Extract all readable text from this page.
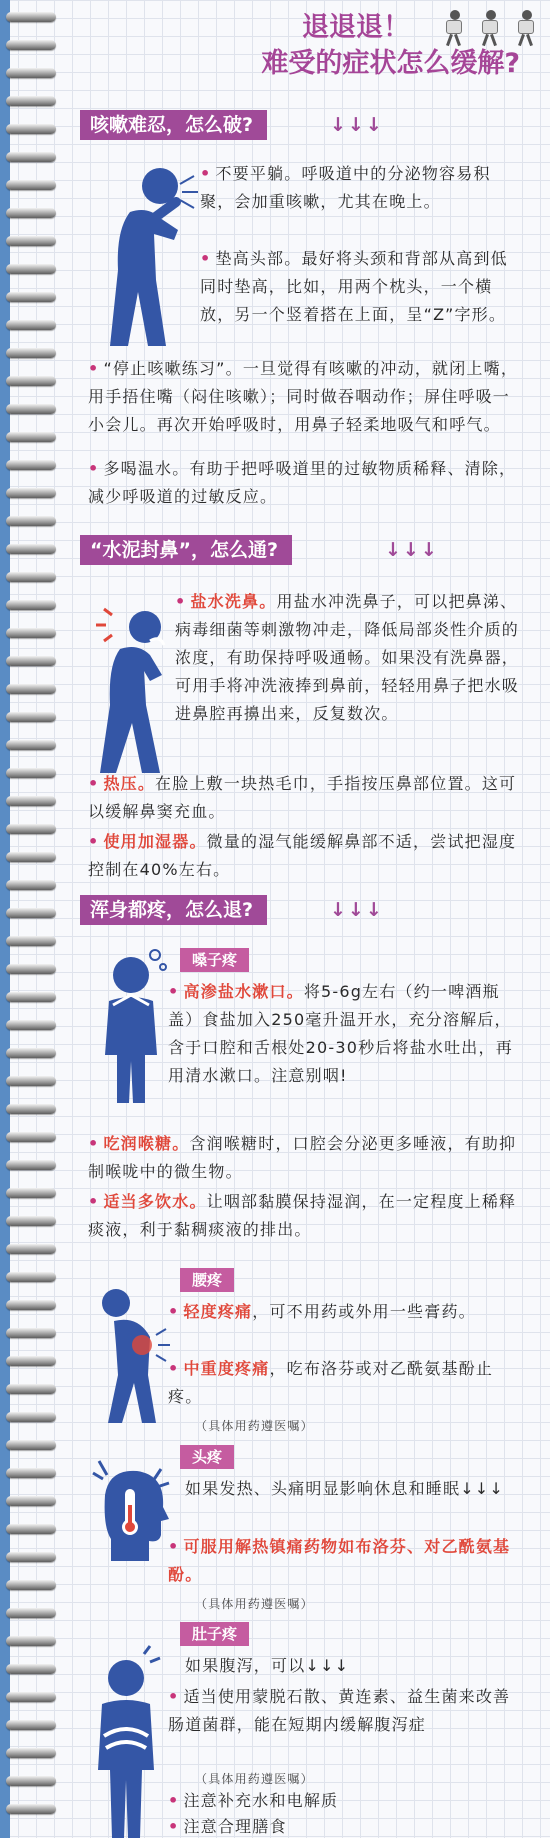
退退退！
难受的症状怎么缓解?
咳嗽难忍，怎么破?	↓↓↓
• 不要平躺。呼吸道中的分泌物容易积聚，会加重咳嗽，尤其在晚上。
• 垫高头部。最好将头颈和背部从高到低同时垫高，比如，用两个枕头，一个横放，另一个竖着搭在上面，呈“Z”字形。
• “停止咳嗽练习”。一旦觉得有咳嗽的冲动，就闭上嘴，用手捂住嘴（闷住咳嗽）；同时做吞咽动作；屏住呼吸一小会儿。再次开始呼吸时，用鼻子轻柔地吸气和呼气。
• 多喝温水。有助于把呼吸道里的过敏物质稀释、清除，减少呼吸道的过敏反应。
“水泥封鼻”，怎么通?	↓↓↓
• 盐水洗鼻。用盐水冲洗鼻子，可以把鼻涕、病毒细菌等刺激物冲走，降低局部炎性介质的浓度，有助保持呼吸通畅。如果没有洗鼻器，可用手将冲洗液捧到鼻前，轻轻用鼻子把水吸进鼻腔再擤出来，反复数次。
• 热压。在脸上敷一块热毛巾，手指按压鼻部位置。这可以缓解鼻窦充血。
• 使用加湿器。微量的湿气能缓解鼻部不适，尝试把湿度控制在40%左右。
浑身都疼，怎么退?	↓↓↓
嗓子疼
• 高渗盐水漱口。将5-6g左右（约一啤酒瓶盖）食盐加入250毫升温开水，充分溶解后，含于口腔和舌根处20-30秒后将盐水吐出，再用清水漱口。注意别咽!
• 吃润喉糖。含润喉糖时，口腔会分泌更多唾液，有助抑制喉咙中的微生物。
• 适当多饮水。让咽部黏膜保持湿润，在一定程度上稀释痰液，利于黏稠痰液的排出。
腰疼
• 轻度疼痛，可不用药或外用一些膏药。
• 中重度疼痛，吃布洛芬或对乙酰氨基酚止疼。
（具体用药遵医嘱）
头疼
如果发热、头痛明显影响休息和睡眠↓↓↓
• 可服用解热镇痛药物如布洛芬、对乙酰氨基酚。
（具体用药遵医嘱）
肚子疼
如果腹泻，可以↓↓↓
• 适当使用蒙脱石散、黄连素、益生菌来改善肠道菌群，能在短期内缓解腹泻症
（具体用药遵医嘱）
• 注意补充水和电解质
• 注意合理膳食
